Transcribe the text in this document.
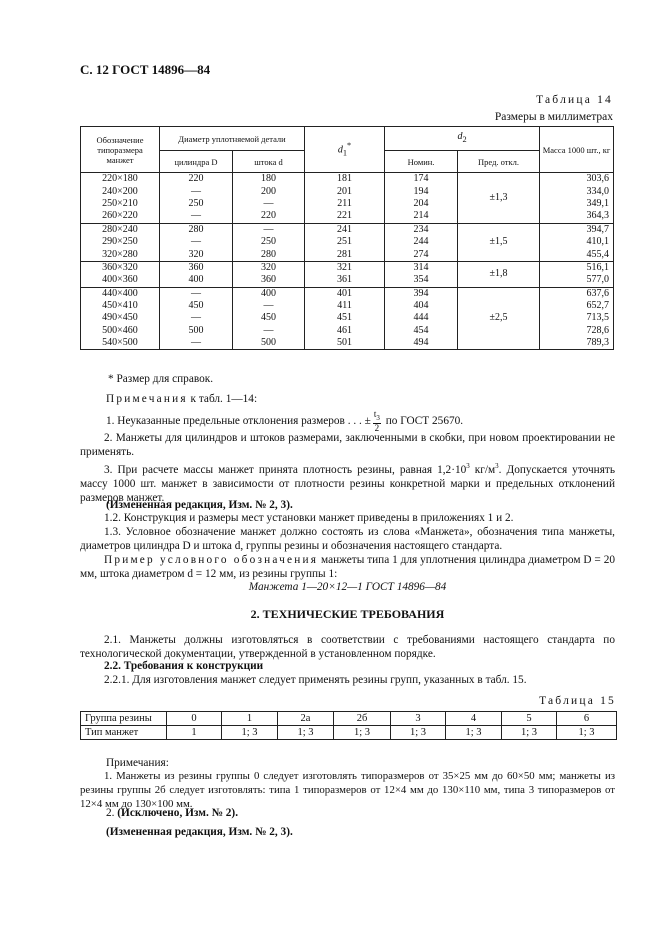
С. 12 ГОСТ 14896—84
Таблица 14
Размеры в миллиметрах
Обозначение типоразмера манжет	Диаметр уплотняемой детали		$d_1^*$	$d_2$		Масса 1000 шт., кг
	цилиндра D	штока d		Номин.	Пред. откл.	
220×180	220	180	181	174	±1,3	303,6
240×200	—	200	201	194		334,0
250×210	250	—	211	204		349,1
260×220	—	220	221	214		364,3
280×240	280	—	241	234	±1,5	394,7
290×250	—	250	251	244		410,1
320×280	320	280	281	274		455,4
360×320	360	320	321	314	±1,8	516,1
400×360	400	360	361	354		577,0
440×400	—	400	401	394	±2,5	637,6
450×410	450	—	411	404		652,7
490×450	—	450	451	444		713,5
500×460	500	—	461	454		728,6
540×500	—	500	501	494		789,3
* Размер для справок.
Примечания к табл. 1—14:
1. Неуказанные предельные отклонения размеров . . . ± $\frac{t_3}{2}$ по ГОСТ 25670.
2. Манжеты для цилиндров и штоков размерами, заключенными в скобки, при новом проектировании не применять.
3. При расчете массы манжет принята плотность резины, равная $1,2\cdot 10^3$ $кг/м^3$. Допускается уточнять массу 1000 шт. манжет в зависимости от плотности резины конкретной марки и предельных отклонений размеров манжет.
(Измененная редакция, Изм. № 2, 3).
1.2. Конструкция и размеры мест установки манжет приведены в приложениях 1 и 2.
1.3. Условное обозначение манжет должно состоять из слова «Манжета», обозначения типа манжеты, диаметров цилиндра D и штока d, группы резины и обозначения настоящего стандарта.
Пример условного обозначения манжеты типа 1 для уплотнения цилиндра диаметром D = 20 мм, штока диаметром d = 12 мм, из резины группы 1:
Манжета 1—20×12—1 ГОСТ 14896—84
2. ТЕХНИЧЕСКИЕ ТРЕБОВАНИЯ
2.1. Манжеты должны изготовляться в соответствии с требованиями настоящего стандарта по технологической документации, утвержденной в установленном порядке.
2.2. Требования к конструкции
2.2.1. Для изготовления манжет следует применять резины групп, указанных в табл. 15.
Таблица 15
Группа резины	0	1	2а	2б	3	4	5	6
Тип манжет	1	1; 3	1; 3	1; 3	1; 3	1; 3	1; 3	1; 3
Примечания:
1. Манжеты из резины группы 0 следует изготовлять типоразмеров от 35×25 мм до 60×50 мм; манжеты из резины группы 2б следует изготовлять: типа 1 типоразмеров от 12×4 мм до 130×110 мм, типа 3 типоразмеров от 12×4 мм до 130×100 мм.
2. (Исключено, Изм. № 2).
(Измененная редакция, Изм. № 2, 3).
